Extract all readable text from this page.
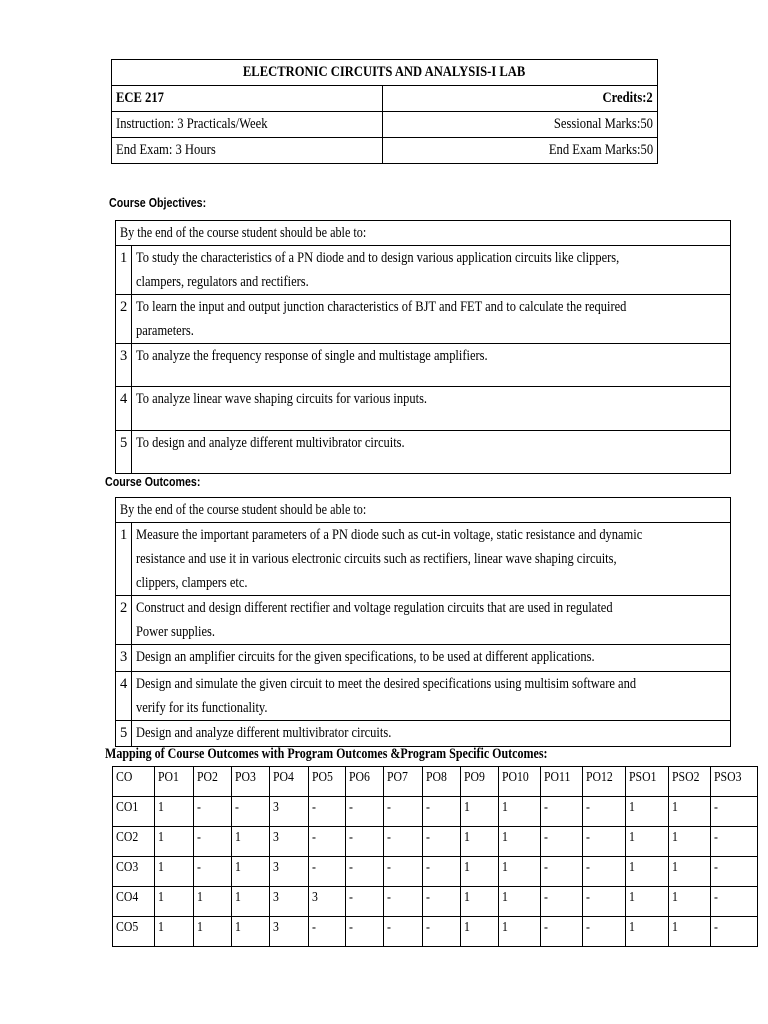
ELECTRONIC CIRCUITS AND ANALYSIS-I LAB	
ECE 217	Credits:2
Instruction: 3 Practicals/Week	Sessional Marks:50
End Exam: 3 Hours	End Exam Marks:50
Course Objectives:
By the end of the course student should be able to:	

1	To study the characteristics of a PN diode and to design various application circuits like clippers, clampers, regulators and rectifiers.

2	To learn the input and output junction characteristics of BJT and FET and to calculate the required parameters.

3	To analyze the frequency response of single and multistage amplifiers.

4	To analyze linear wave shaping circuits for various inputs.

5	To design and analyze different multivibrator circuits.
Course Outcomes:
By the end of the course student should be able to:	

1	Measure the important parameters of a PN diode such as cut-in voltage, static resistance and dynamic resistance and use it in various electronic circuits such as rectifiers, linear wave shaping circuits, clippers, clampers etc.

2	Construct and design different rectifier and voltage regulation circuits that are used in regulated Power supplies.

3	Design an amplifier circuits for the given specifications, to be used at different applications.

4	Design and simulate the given circuit to meet the desired specifications using multisim software and verify for its functionality.

5	Design and analyze different multivibrator circuits.
Mapping of Course Outcomes with Program Outcomes &Program Specific Outcomes:
CO	PO1	PO2	PO3	PO4	PO5	PO6	PO7	PO8	PO9	PO10	PO11	PO12	PSO1	PSO2	PSO3
CO1	1	-	-	3	-	-	-	-	1	1	-	-	1	1	-
CO2	1	-	1	3	-	-	-	-	1	1	-	-	1	1	-
CO3	1	-	1	3	-	-	-	-	1	1	-	-	1	1	-
CO4	1	1	1	3	3	-	-	-	1	1	-	-	1	1	-
CO5	1	1	1	3	-	-	-	-	1	1	-	-	1	1	-
